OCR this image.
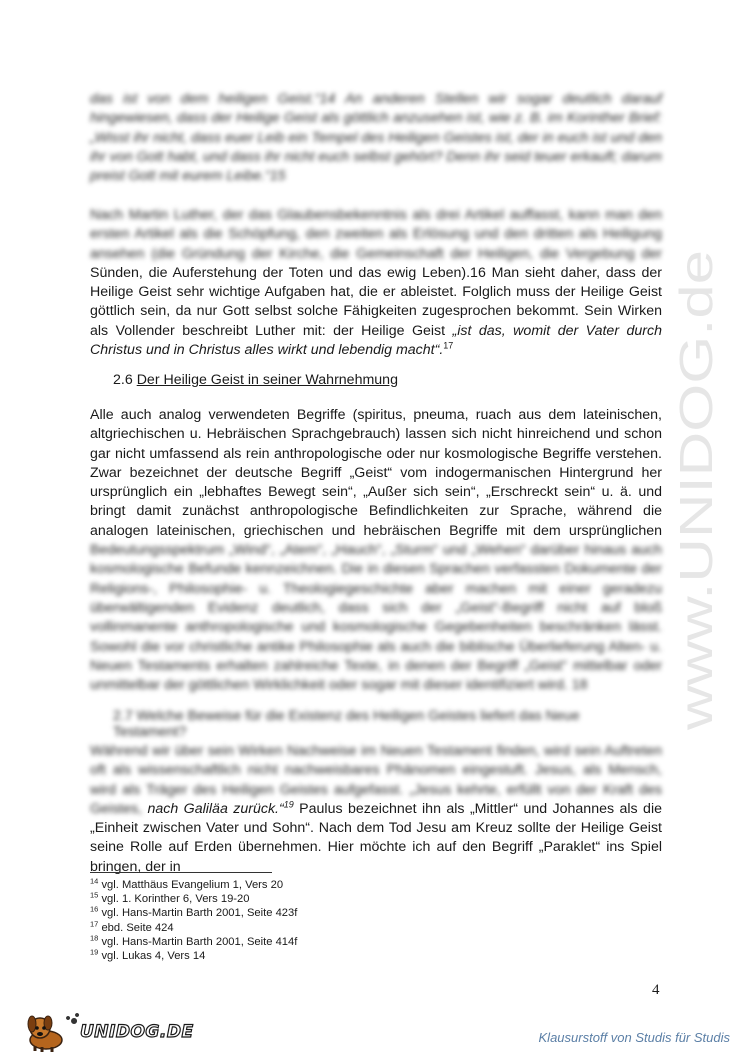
das ist von dem heiligen Geist.“14 An anderen Stellen wir sogar deutlich darauf hingewiesen, dass der Heilige Geist als göttlich anzusehen ist, wie z. B. im Korinther Brief: „Wisst ihr nicht, dass euer Leib ein Tempel des Heiligen Geistes ist, der in euch ist und den ihr von Gott habt, und dass ihr nicht euch selbst gehört? Denn ihr seid teuer erkauft; darum preist Gott mit eurem Leibe.“15
Nach Martin Luther, der das Glaubensbekenntnis als drei Artikel auffasst, kann man den ersten Artikel als die Schöpfung, den zweiten als Erlösung und den dritten als Heiligung ansehen (die Gründung der Kirche, die Gemeinschaft der Heiligen, die Vergebung der Sünden, die Auferstehung der Toten und das ewig Leben).16 Man sieht daher, dass der Heilige Geist sehr wichtige Aufgaben hat, die er ableistet. Folglich muss der Heilige Geist göttlich sein, da nur Gott selbst solche Fähigkeiten zugesprochen bekommt. Sein Wirken als Vollender beschreibt Luther mit: der Heilige Geist „ist das, womit der Vater durch Christus und in Christus alles wirkt und lebendig macht“.$^{17}$
2.6 Der Heilige Geist in seiner Wahrnehmung
Alle auch analog verwendeten Begriffe (spiritus, pneuma, ruach aus dem lateinischen, altgriechischen u. Hebräischen Sprachgebrauch) lassen sich nicht hinreichend und schon gar nicht umfassend als rein anthropologische oder nur kosmologische Begriffe verstehen. Zwar bezeichnet der deutsche Begriff „Geist“ vom indogermanischen Hintergrund her ursprünglich ein „lebhaftes Bewegt sein“, „Außer sich sein“, „Erschreckt sein“ u. ä. und bringt damit zunächst anthropologische Befindlichkeiten zur Sprache, während die analogen lateinischen, griechischen und hebräischen Begriffe mit dem ursprünglichen Bedeutungsspektrum „Wind“, „Atem“, „Hauch“, „Sturm“ und „Wehen“ darüber hinaus auch kosmologische Befunde kennzeichnen. Die in diesen Sprachen verfassten Dokumente der Religions-, Philosophie- u. Theologiegeschichte aber machen mit einer geradezu überwältigenden Evidenz deutlich, dass sich der „Geist“-Begriff nicht auf bloß vollinmanente anthropologische und kosmologische Gegebenheiten beschränken lässt. Sowohl die vor christliche antike Philosophie als auch die biblische Überlieferung Alten- u. Neuen Testaments erhalten zahlreiche Texte, in denen der Begriff „Geist“ mittelbar oder unmittelbar der göttlichen Wirklichkeit oder sogar mit dieser identifiziert wird. 18
2.7 Welche Beweise für die Existenz des Heiligen Geistes liefert das Neue Testament?
Während wir über sein Wirken Nachweise im Neuen Testament finden, wird sein Auftreten oft als wissenschaftlich nicht nachweisbares Phänomen eingestuft. Jesus, als Mensch, wird als Träger des Heiligen Geistes aufgefasst. „Jesus kehrte, erfüllt von der Kraft des Geistes, nach Galiläa zurück.“$^{19}$ Paulus bezeichnet ihn als „Mittler“ und Johannes als die „Einheit zwischen Vater und Sohn“. Nach dem Tod Jesu am Kreuz sollte der Heilige Geist seine Rolle auf Erden übernehmen. Hier möchte ich auf den Begriff „Paraklet“ ins Spiel bringen, der in
www.UNIDOG.de
$^{14}$ vgl. Matthäus Evangelium 1, Vers 20
$^{15}$ vgl. 1. Korinther 6, Vers 19-20
$^{16}$ vgl. Hans-Martin Barth 2001, Seite 423f
$^{17}$ ebd. Seite 424
$^{18}$ vgl. Hans-Martin Barth 2001, Seite 414f
$^{19}$ vgl. Lukas 4, Vers 14
4
UNIDOG.DE	Klausurstoff von Studis für Studis
